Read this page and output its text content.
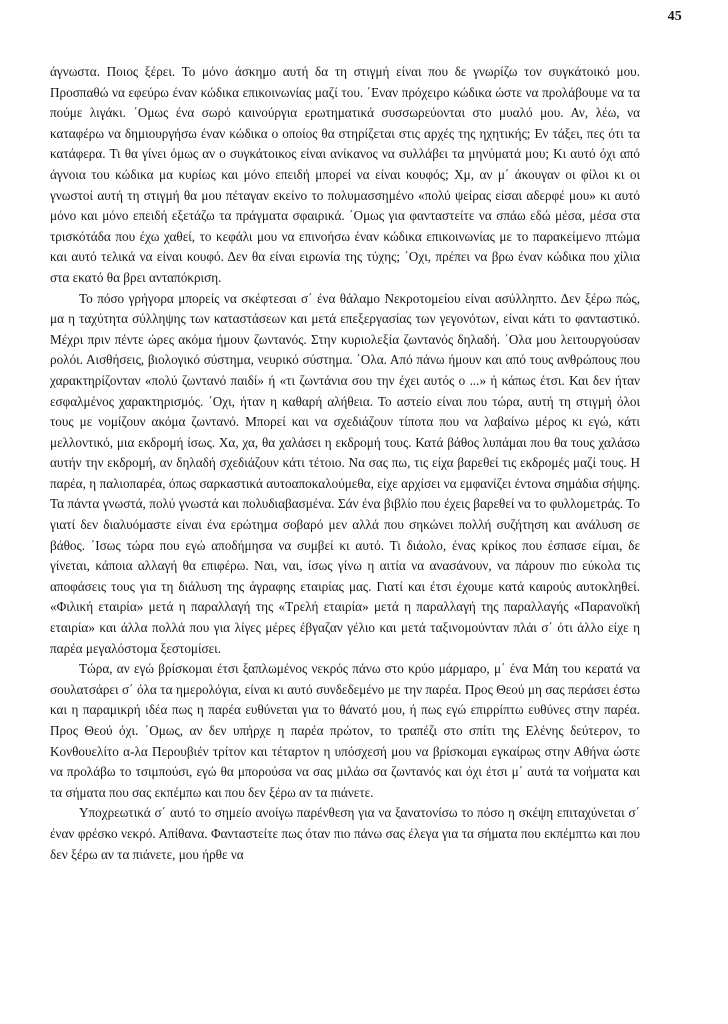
45

άγνωστα. Ποιος ξέρει. Το μόνο άσκημο αυτή δα τη στιγμή είναι που δε γνωρίζω τον συγκάτοικό μου. Προσπαθώ να εφεύρω έναν κώδικα επικοινωνίας μαζί του. ΄Εναν πρόχειρο κώδικα ώστε να προλάβουμε να τα πούμε λιγάκι. ΄Ομως ένα σωρό καινούργια ερωτηματικά συσσωρεύονται στο μυαλό μου. Αν, λέω, να καταφέρω να δημιουργήσω έναν κώδικα ο οποίος θα στηρίζεται στις αρχές της ηχητικής; Εν τάξει, πες ότι τα κατάφερα. Τι θα γίνει όμως αν ο συγκάτοικος είναι ανίκανος να συλλάβει τα μηνύματά μου; Κι αυτό όχι από άγνοια του κώδικα μα κυρίως και μόνο επειδή μπορεί να είναι κουφός; Χμ, αν μ΄ άκουγαν οι φίλοι κι οι γνωστοί αυτή τη στιγμή θα μου πέταγαν εκείνο το πολυμασσημένο «πολύ ψείρας είσαι αδερφέ μου» κι αυτό μόνο και μόνο επειδή εξετάζω τα πράγματα σφαιρικά. ΄Ομως για φανταστείτε να σπάω εδώ μέσα, μέσα στα τρισκότάδα που έχω χαθεί, το κεφάλι μου να επινοήσω έναν κώδικα επικοινωνίας με το παρακείμενο πτώμα και αυτό τελικά να είναι κουφό. Δεν θα είναι ειρωνία της τύχης; ΄Οχι, πρέπει να βρω έναν κώδικα που χίλια στα εκατό θα βρει ανταπόκριση.

Το πόσο γρήγορα μπορείς να σκέφτεσαι σ΄ ένα θάλαμο Νεκροτομείου είναι ασύλληπτο. Δεν ξέρω πώς, μα η ταχύτητα σύλληψης των καταστάσεων και μετά επεξεργασίας των γεγονότων, είναι κάτι το φανταστικό. Μέχρι πριν πέντε ώρες ακόμα ήμουν ζωντανός. Στην κυριολεξία ζωντανός δηλαδή. ΄Ολα μου λειτουργούσαν ρολόι. Αισθήσεις, βιολογικό σύστημα, νευρικό σύστημα. ΄Ολα. Από πάνω ήμουν και από τους ανθρώπους που χαρακτηρίζονταν «πολύ ζωντανό παιδί» ή «τι ζωντάνια σου την έχει αυτός ο ...» ή κάπως έτσι. Και δεν ήταν εσφαλμένος χαρακτηρισμός. ΄Οχι, ήταν η καθαρή αλήθεια. Το αστείο είναι που τώρα, αυτή τη στιγμή όλοι τους με νομίζουν ακόμα ζωντανό. Μπορεί και να σχεδιάζουν τίποτα που να λαβαίνω μέρος κι εγώ, κάτι μελλοντικό, μια εκδρομή ίσως. Χα, χα, θα χαλάσει η εκδρομή τους. Κατά βάθος λυπάμαι που θα τους χαλάσω αυτήν την εκδρομή, αν δηλαδή σχεδιάζουν κάτι τέτοιο. Να σας πω, τις είχα βαρεθεί τις εκδρομές μαζί τους. Η παρέα, η παλιοπαρέα, όπως σαρκαστικά αυτοαποκαλούμεθα, είχε αρχίσει να εμφανίζει έντονα σημάδια σήψης. Τα πάντα γνωστά, πολύ γνωστά και πολυδιαβασμένα. Σάν ένα βιβλίο που έχεις βαρεθεί να το φυλλομετράς. Το γιατί δεν διαλυόμαστε είναι ένα ερώτημα σοβαρό μεν αλλά που σηκώνει πολλή συζήτηση και ανάλυση σε βάθος. ΄Ισως τώρα που εγώ αποδήμησα να συμβεί κι αυτό. Τι διάολο, ένας κρίκος που έσπασε είμαι, δε γίνεται, κάποια αλλαγή θα επιφέρω. Ναι, ναι, ίσως γίνω η αιτία να ανασάνουν, να πάρουν πιο εύκολα τις αποφάσεις τους για τη διάλυση της άγραφης εταιρίας μας. Γιατί και έτσι έχουμε κατά καιρούς αυτοκληθεί. «Φιλική εταιρία» μετά η παραλλαγή της «Τρελή εταιρία» μετά η παραλλαγή της παραλλαγής «Παρανοϊκή εταιρία» και άλλα πολλά που για λίγες μέρες έβγαζαν γέλιο και μετά ταξινομούνταν πλάι σ΄ ότι άλλο είχε η παρέα μεγαλόστομα ξεστομίσει.

Τώρα, αν εγώ βρίσκομαι έτσι ξαπλωμένος νεκρός πάνω στο κρύο μάρμαρο, μ΄ ένα Μάη του κερατά να σουλατσάρει σ΄ όλα τα ημερολόγια, είναι κι αυτό συνδεδεμένο με την παρέα. Προς Θεού μη σας περάσει έστω και η παραμικρή ιδέα πως η παρέα ευθύνεται για το θάνατό μου, ή πως εγώ επιρρίπτω ευθύνες στην παρέα. Προς Θεού όχι. ΄Ομως, αν δεν υπήρχε η παρέα πρώτον, το τραπέζι στο σπίτι της Ελένης δεύτερον, το Κονθουελίτο α-λα Περουβιέν τρίτον και τέταρτον η υπόσχεσή μου να βρίσκομαι εγκαίρως στην Αθήνα ώστε να προλάβω το τσιμπούσι, εγώ θα μπορούσα να σας μιλάω σα ζωντανός και όχι έτσι μ΄ αυτά τα νοήματα και τα σήματα που σας εκπέμπω και που δεν ξέρω αν τα πιάνετε.

Υποχρεωτικά σ΄ αυτό το σημείο ανοίγω παρένθεση για να ξανατονίσω το πόσο η σκέψη επιταχύνεται σ΄ έναν φρέσκο νεκρό. Απίθανα. Φανταστείτε πως όταν πιο πάνω σας έλεγα για τα σήματα που εκπέμπτω και που δεν ξέρω αν τα πιάνετε, μου ήρθε να
